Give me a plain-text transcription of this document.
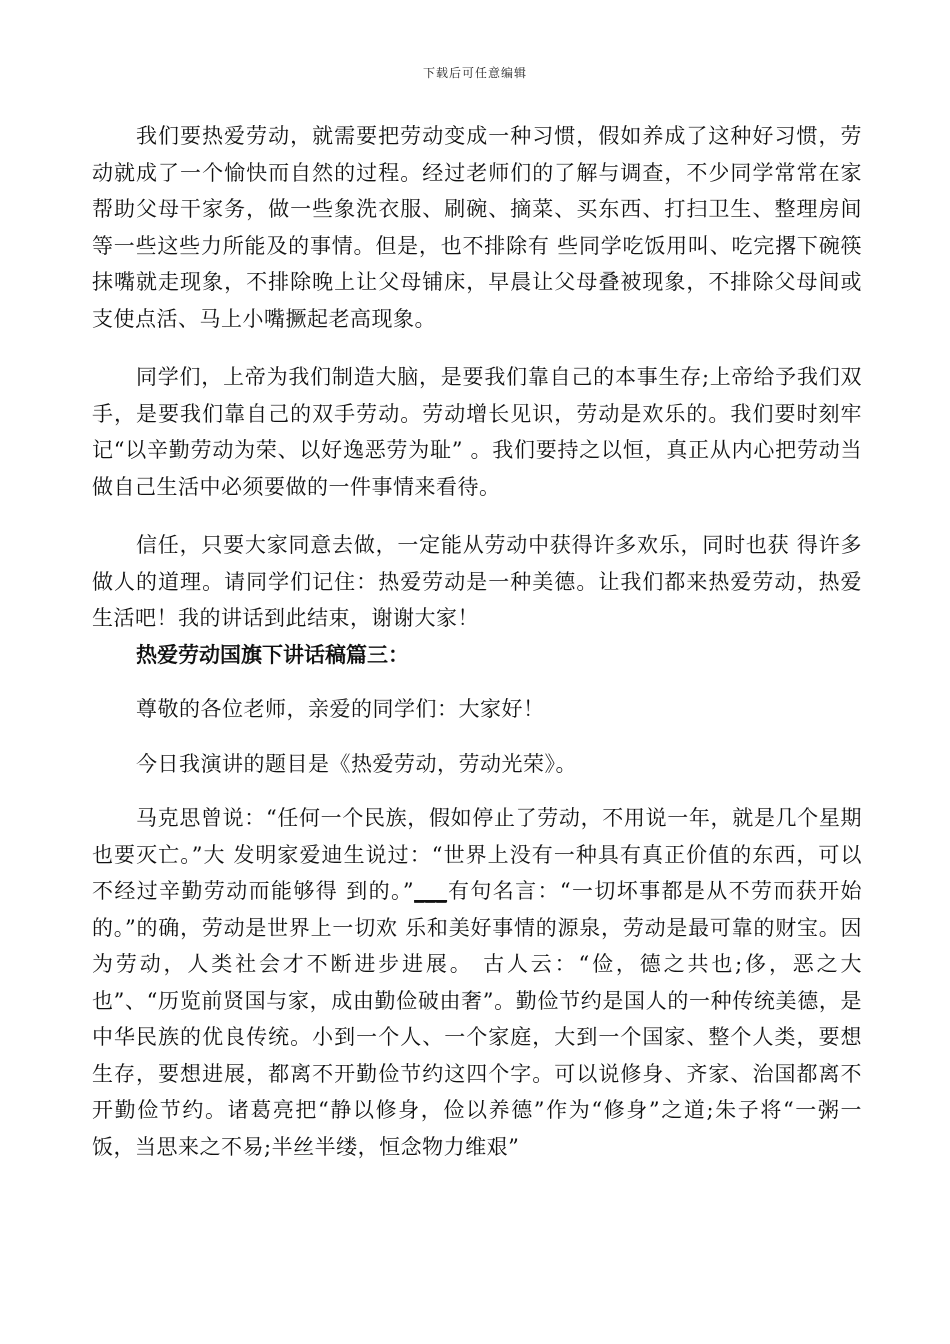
下载后可任意编辑

我们要热爱劳动，就需要把劳动变成一种习惯，假如养成了这种好习惯，劳动就成了一个愉快而自然的过程。经过老师们的了解与调查，不少同学常常在家帮助父母干家务，做一些象洗衣服、刷碗、摘菜、买东西、打扫卫生、整理房间等一些这些力所能及的事情。但是，也不排除有 些同学吃饭用叫、吃完撂下碗筷抹嘴就走现象，不排除晚上让父母铺床，早晨让父母叠被现象，不排除父母间或支使点活、马上小嘴撅起老高现象。

同学们，上帝为我们制造大脑，是要我们靠自己的本事生存;上帝给予我们双手，是要我们靠自己的双手劳动。劳动增长见识，劳动是欢乐的。我们要时刻牢记“以辛勤劳动为荣、以好逸恶劳为耻” 。我们要持之以恒，真正从内心把劳动当做自己生活中必须要做的一件事情来看待。

信任，只要大家同意去做，一定能从劳动中获得许多欢乐，同时也获 得许多做人的道理。请同学们记住：热爱劳动是一种美德。让我们都来热爱劳动，热爱生活吧！我的讲话到此结束，谢谢大家！

热爱劳动国旗下讲话稿篇三：

尊敬的各位老师，亲爱的同学们：大家好！

今日我演讲的题目是《热爱劳动，劳动光荣》。

马克思曾说：“任何一个民族，假如停止了劳动，不用说一年，就是几个星期也要灭亡。”大 发明家爱迪生说过：“世界上没有一种具有真正价值的东西，可以不经过辛勤劳动而能够得 到的。”___有句名言：“一切坏事都是从不劳而获开始的。”的确，劳动是世界上一切欢 乐和美好事情的源泉，劳动是最可靠的财宝。因为劳动，人类社会才不断进步进展。 古人云：“俭，德之共也;侈，恶之大也”、“历览前贤国与家，成由勤俭破由奢”。勤俭节约是国人的一种传统美德，是中华民族的优良传统。小到一个人、一个家庭，大到一个国家、整个人类，要想生存，要想进展，都离不开勤俭节约这四个字。可以说修身、齐家、治国都离不开勤俭节约。诸葛亮把“静以修身，俭以养德”作为“修身”之道;朱子将“一粥一饭，当思来之不易;半丝半缕，恒念物力维艰”
